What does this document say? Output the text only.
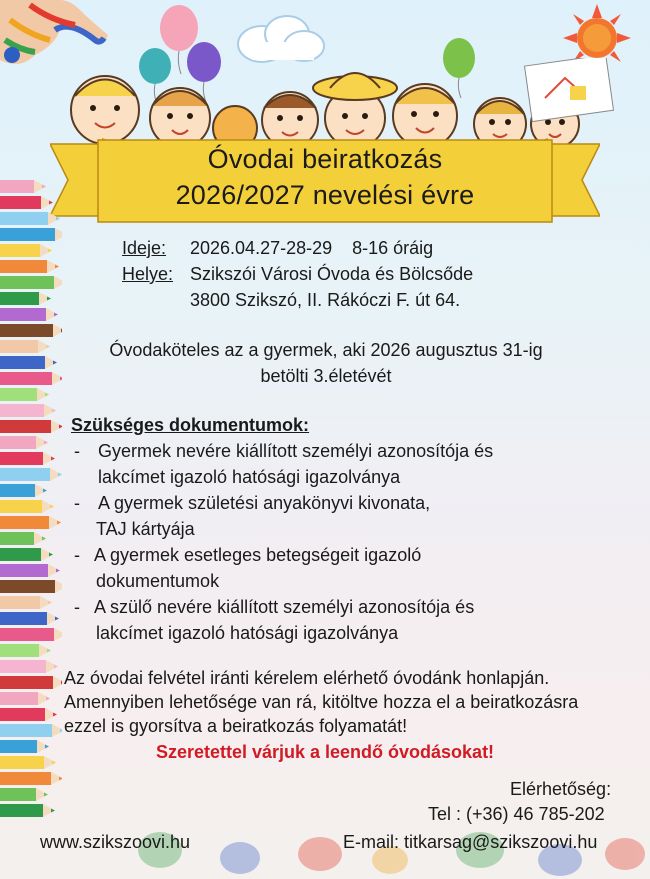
Óvodai beiratkozás
2026/2027 nevelési évre
Ideje: 2026.04.27-28-29    8-16 óráig
Helye: Szikszói Városi Óvoda és Bölcsőde
3800 Szikszó, II. Rákóczi F. út 64.
Óvodaköteles az a gyermek, aki 2026 augusztus 31-ig
betölti 3.életévét
Szükséges dokumentumok:
- Gyermek nevére kiállított személyi azonosítója és
lakcímet igazoló hatósági igazolványa
- A gyermek születési anyakönyvi kivonata,
TAJ kártyája
- A gyermek esetleges betegségeit igazoló
dokumentumok
- A szülő nevére kiállított személyi azonosítója és
lakcímet igazoló hatósági igazolványa
Az óvodai felvétel iránti kérelem elérhető óvodánk honlapján.
Amennyiben lehetősége van rá, kitöltve hozza el a beiratkozásra
ezzel is gyorsítva a beiratkozás folyamatát!
Szeretettel várjuk a leendő óvodásokat!
Elérhetőség:
Tel : (+36) 46 785-202
www.szikszoovi.hu	E-mail: titkarsag@szikszoovi.hu
